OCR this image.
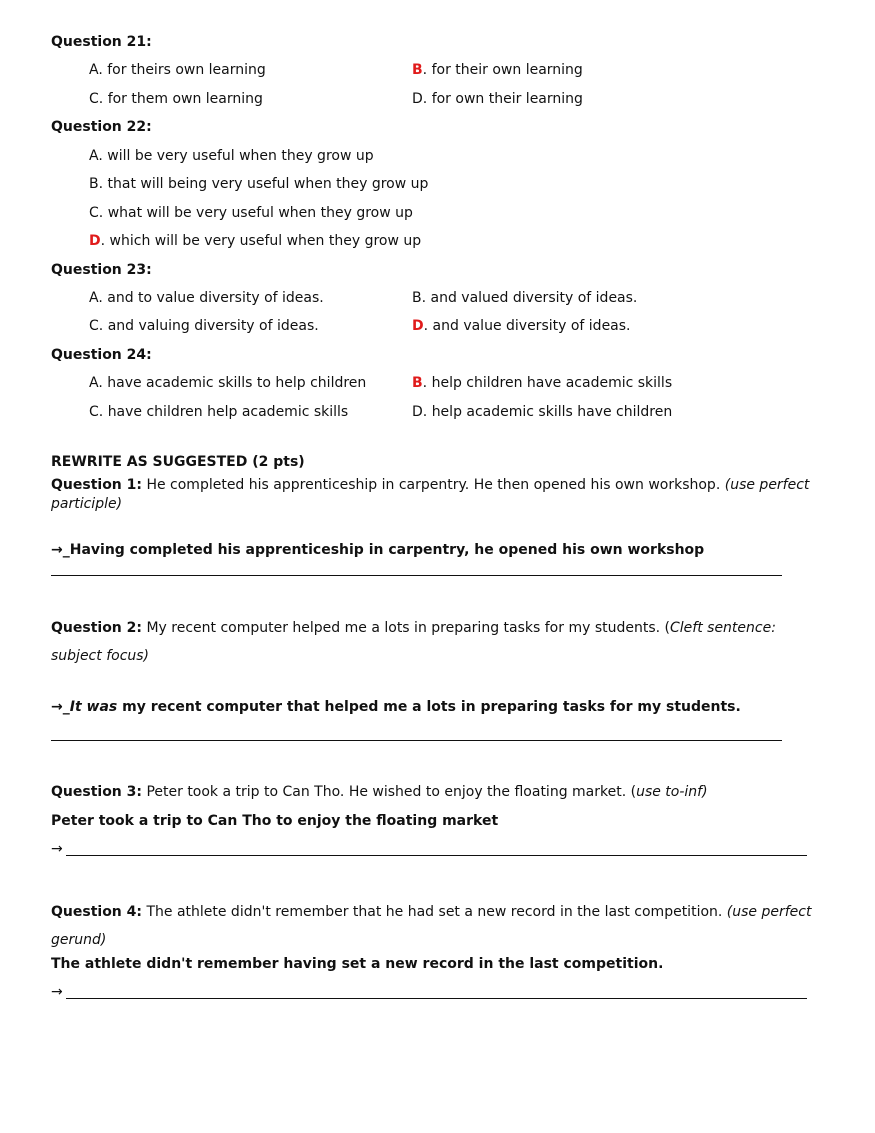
Question 21:
A. for theirs own learning	B. for their own learning
C. for them own learning	D. for own their learning
Question 22:
A. will be very useful when they grow up
B. that will being very useful when they grow up
C. what will be very useful when they grow up
D. which will be very useful when they grow up
Question 23:
A. and to value diversity of ideas.	B. and valued diversity of ideas.
C. and valuing diversity of ideas.	D. and value diversity of ideas.
Question 24:
A. have academic skills to help children	B. help children have academic skills
C. have children help academic skills	D. help academic skills have children
REWRITE AS SUGGESTED (2 pts)
Question 1: He completed his apprenticeship in carpentry. He then opened his own workshop. (use perfect participle)
→_Having completed his apprenticeship in carpentry, he opened his own workshop
Question 2: My recent computer helped me a lots in preparing tasks for my students. (Cleft sentence: subject focus)
→_It was my recent computer that helped me a lots in preparing tasks for my students.
Question 3: Peter took a trip to Can Tho. He wished to enjoy the floating market. (use to-inf)
Peter took a trip to Can Tho to enjoy the floating market
→
Question 4: The athlete didn't remember that he had set a new record in the last competition. (use perfect gerund)
The athlete didn't remember having set a new record in the last competition.
→
